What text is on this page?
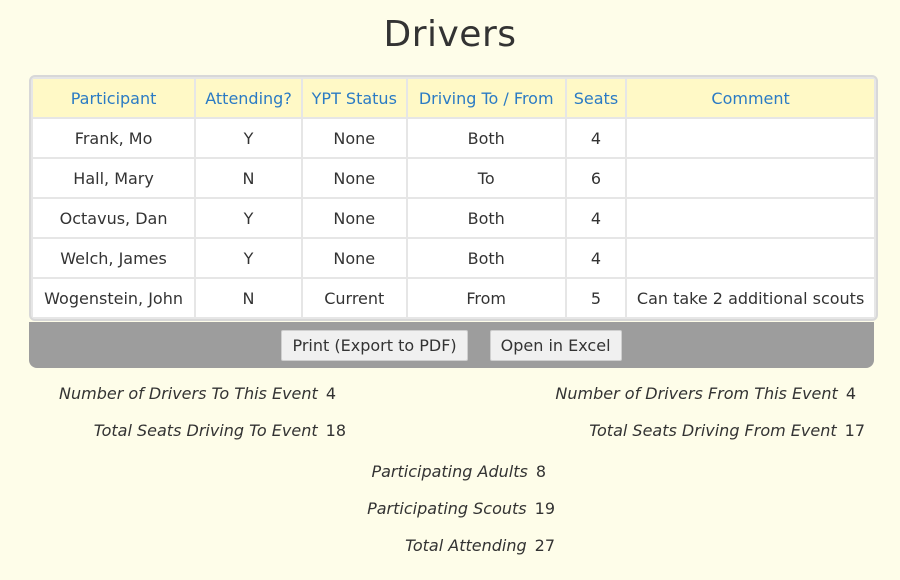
Drivers
Participant	Attending?	YPT Status	Driving To / From	Seats	Comment
Frank, Mo	Y	None	Both	4	
Hall, Mary	N	None	To	6	
Octavus, Dan	Y	None	Both	4	
Welch, James	Y	None	Both	4	
Wogenstein, John	N	Current	From	5	Can take 2 additional scouts
Print (Export to PDF)	Open in Excel
Number of Drivers To This Event 4	Number of Drivers From This Event 4
Total Seats Driving To Event 18	Total Seats Driving From Event 17
Participating Adults 8
Participating Scouts 19
Total Attending 27
